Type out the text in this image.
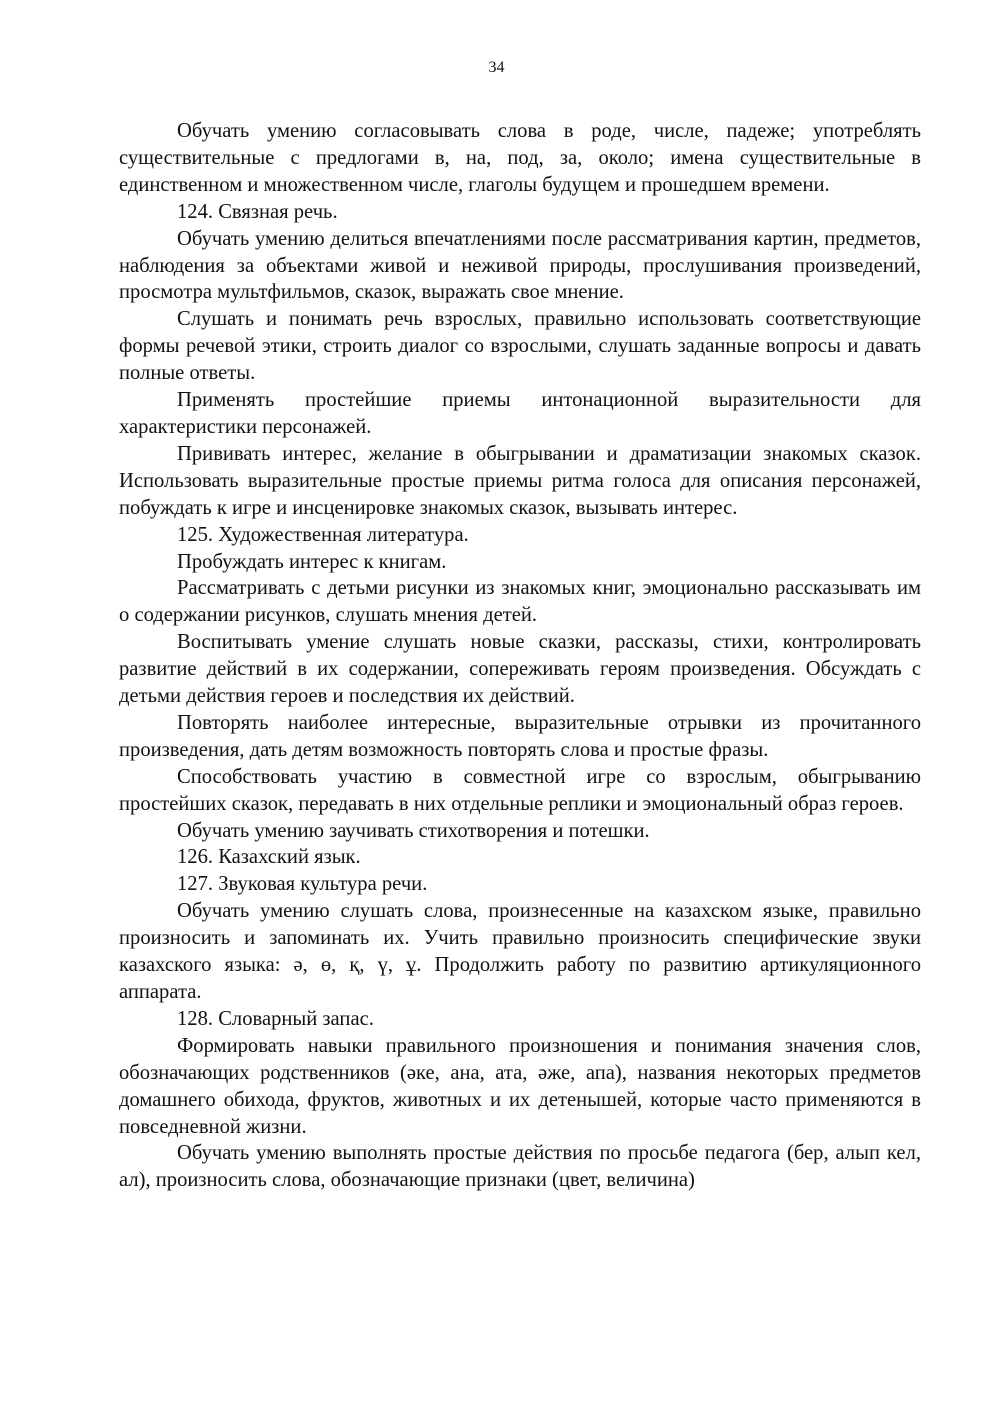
34

Обучать умению согласовывать слова в роде, числе, падеже; употреблять существительные с предлогами в, на, под, за, около; имена существительные в единственном и множественном числе, глаголы будущем и прошедшем времени.

124. Связная речь.

Обучать умению делиться впечатлениями после рассматривания картин, предметов, наблюдения за объектами живой и неживой природы, прослушивания произведений, просмотра мультфильмов, сказок, выражать свое мнение.

Слушать и понимать речь взрослых, правильно использовать соответствующие формы речевой этики, строить диалог со взрослыми, слушать заданные вопросы и давать полные ответы.

Применять простейшие приемы интонационной выразительности для характеристики персонажей.

Прививать интерес, желание в обыгрывании и драматизации знакомых сказок. Использовать выразительные простые приемы ритма голоса для описания персонажей, побуждать к игре и инсценировке знакомых сказок, вызывать интерес.

125. Художественная литература.

Пробуждать интерес к книгам.

Рассматривать с детьми рисунки из знакомых книг, эмоционально рассказывать им о содержании рисунков, слушать мнения детей.

Воспитывать умение слушать новые сказки, рассказы, стихи, контролировать развитие действий в их содержании, сопереживать героям произведения. Обсуждать с детьми действия героев и последствия их действий.

Повторять наиболее интересные, выразительные отрывки из прочитанного произведения, дать детям возможность повторять слова и простые фразы.

Способствовать участию в совместной игре со взрослым, обыгрыванию простейших сказок, передавать в них отдельные реплики и эмоциональный образ героев.

Обучать умению заучивать стихотворения и потешки.

126. Казахский язык.

127. Звуковая культура речи.

Обучать умению слушать слова, произнесенные на казахском языке, правильно произносить и запоминать их. Учить правильно произносить специфические звуки казахского языка: ә, ө, қ, ү, ұ. Продолжить работу по развитию артикуляционного аппарата.

128. Словарный запас.

Формировать навыки правильного произношения и понимания значения слов, обозначающих родственников (әке, ана, ата, әже, апа), названия некоторых предметов домашнего обихода, фруктов, животных и их детенышей, которые часто применяются в повседневной жизни.

Обучать умению выполнять простые действия по просьбе педагога (бер, алып кел, ал), произносить слова, обозначающие признаки (цвет, величина)
